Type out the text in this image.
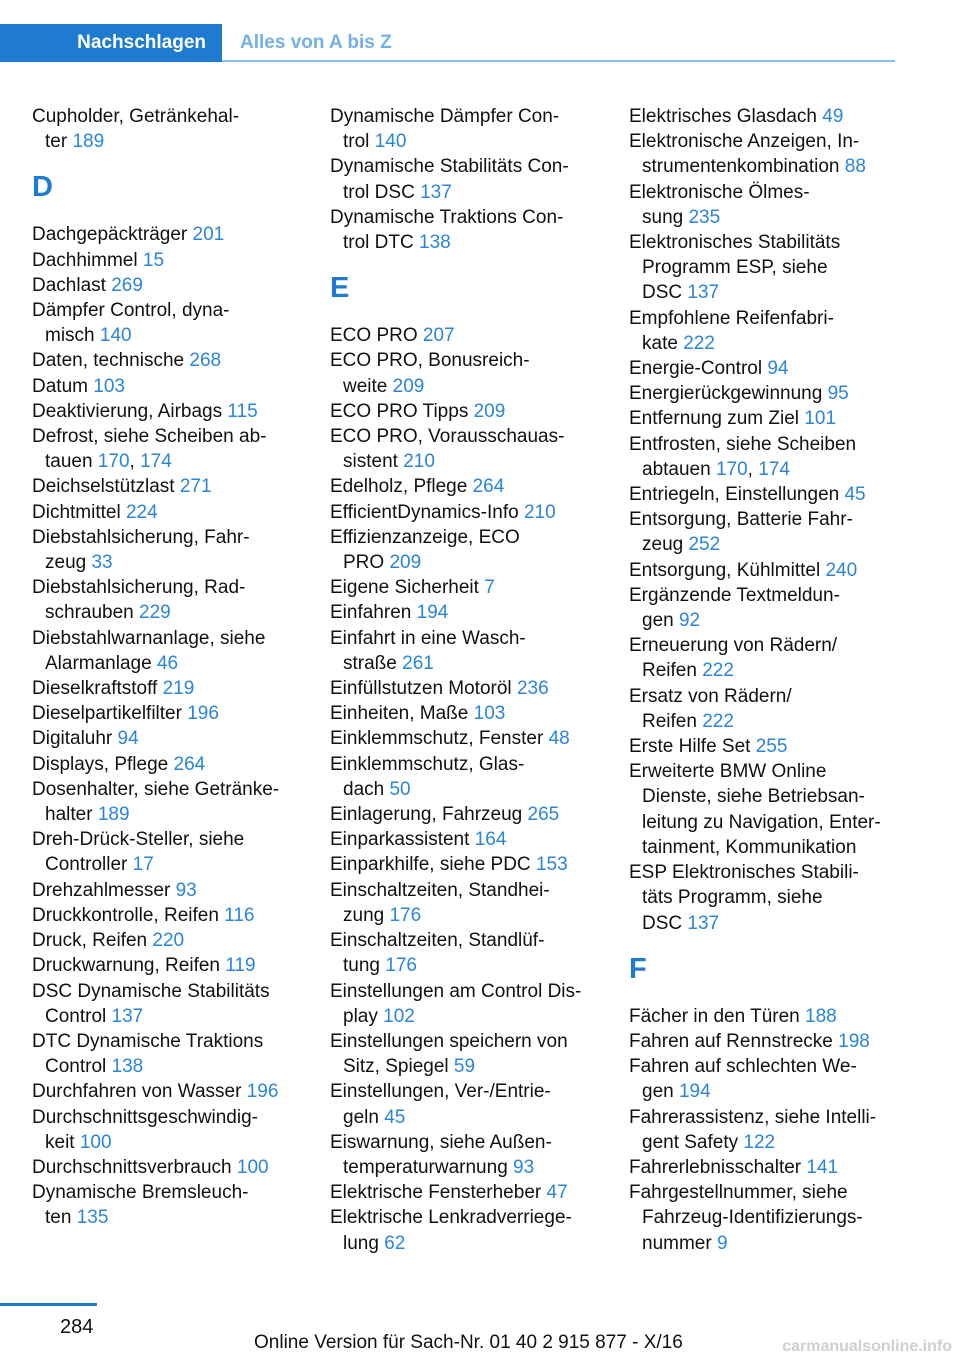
Nachschlagen	Alles von A bis Z
Cupholder, Getränkehal-
ter 189
D
Dachgepäckträger 201
Dachhimmel 15
Dachlast 269
Dämpfer Control, dyna-
misch 140
Daten, technische 268
Datum 103
Deaktivierung, Airbags 115
Defrost, siehe Scheiben ab-
tauen 170, 174
Deichselstützlast 271
Dichtmittel 224
Diebstahlsicherung, Fahr-
zeug 33
Diebstahlsicherung, Rad-
schrauben 229
Diebstahlwarnanlage, siehe
Alarmanlage 46
Dieselkraftstoff 219
Dieselpartikelfilter 196
Digitaluhr 94
Displays, Pflege 264
Dosenhalter, siehe Getränke-
halter 189
Dreh-Drück-Steller, siehe
Controller 17
Drehzahlmesser 93
Druckkontrolle, Reifen 116
Druck, Reifen 220
Druckwarnung, Reifen 119
DSC Dynamische Stabilitäts
Control 137
DTC Dynamische Traktions
Control 138
Durchfahren von Wasser 196
Durchschnittsgeschwindig-
keit 100
Durchschnittsverbrauch 100
Dynamische Bremsleuch-
ten 135
Dynamische Dämpfer Con-
trol 140
Dynamische Stabilitäts Con-
trol DSC 137
Dynamische Traktions Con-
trol DTC 138
E
ECO PRO 207
ECO PRO, Bonusreich-
weite 209
ECO PRO Tipps 209
ECO PRO, Vorausschauas-
sistent 210
Edelholz, Pflege 264
EfficientDynamics-Info 210
Effizienzanzeige, ECO
PRO 209
Eigene Sicherheit 7
Einfahren 194
Einfahrt in eine Wasch-
straße 261
Einfüllstutzen Motoröl 236
Einheiten, Maße 103
Einklemmschutz, Fenster 48
Einklemmschutz, Glas-
dach 50
Einlagerung, Fahrzeug 265
Einparkassistent 164
Einparkhilfe, siehe PDC 153
Einschaltzeiten, Standhei-
zung 176
Einschaltzeiten, Standlüf-
tung 176
Einstellungen am Control Dis-
play 102
Einstellungen speichern von
Sitz, Spiegel 59
Einstellungen, Ver-/Entrie-
geln 45
Eiswarnung, siehe Außen-
temperaturwarnung 93
Elektrische Fensterheber 47
Elektrische Lenkradverriege-
lung 62
Elektrisches Glasdach 49
Elektronische Anzeigen, In-
strumentenkombination 88
Elektronische Ölmes-
sung 235
Elektronisches Stabilitäts
Programm ESP, siehe
DSC 137
Empfohlene Reifenfabri-
kate 222
Energie-Control 94
Energierückgewinnung 95
Entfernung zum Ziel 101
Entfrosten, siehe Scheiben
abtauen 170, 174
Entriegeln, Einstellungen 45
Entsorgung, Batterie Fahr-
zeug 252
Entsorgung, Kühlmittel 240
Ergänzende Textmeldun-
gen 92
Erneuerung von Rädern/
Reifen 222
Ersatz von Rädern/
Reifen 222
Erste Hilfe Set 255
Erweiterte BMW Online
Dienste, siehe Betriebsan-
leitung zu Navigation, Enter-
tainment, Kommunikation
ESP Elektronisches Stabili-
täts Programm, siehe
DSC 137
F
Fächer in den Türen 188
Fahren auf Rennstrecke 198
Fahren auf schlechten We-
gen 194
Fahrerassistenz, siehe Intelli-
gent Safety 122
Fahrerlebnisschalter 141
Fahrgestellnummer, siehe
Fahrzeug-Identifizierungs-
nummer 9
284
Online Version für Sach-Nr. 01 40 2 915 877 - X/16	carmanualsonline.info
